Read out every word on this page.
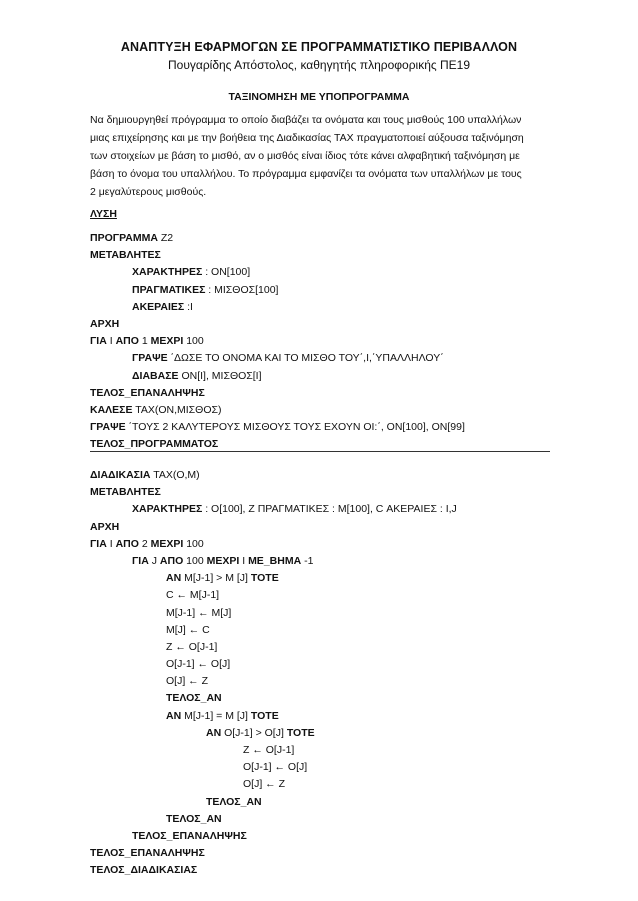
ΑΝΑΠΤΥΞΗ ΕΦΑΡΜΟΓΩΝ ΣΕ ΠΡΟΓΡΑΜΜΑΤΙΣΤΙΚΟ ΠΕΡΙΒΑΛΛΟΝ
Πουγαρίδης Απόστολος, καθηγητής πληροφορικής ΠΕ19
ΤΑΞΙΝΟΜΗΣΗ ΜΕ ΥΠΟΠΡΟΓΡΑΜΜΑ
Να δημιουργηθεί πρόγραμμα το οποίο διαβάζει τα ονόματα και τους μισθούς 100 υπαλλήλων
μιας επιχείρησης και με την βοήθεια της Διαδικασίας ΤΑΧ πραγματοποιεί αύξουσα ταξινόμηση
των στοιχείων με βάση το μισθό, αν ο μισθός είναι ίδιος τότε κάνει αλφαβητική ταξινόμηση με
βάση το όνομα του υπαλλήλου. Το πρόγραμμα εμφανίζει τα ονόματα των υπαλλήλων με τους
2 μεγαλύτερους μισθούς.
ΛΥΣΗ
ΠΡΟΓΡΑΜΜΑ Ζ2
ΜΕΤΑΒΛΗΤΕΣ
ΧΑΡΑΚΤΗΡΕΣ : ΟΝ[100]
ΠΡΑΓΜΑΤΙΚΕΣ : ΜΙΣΘΟΣ[100]
ΑΚΕΡΑΙΕΣ :Ι
ΑΡΧΗ
ΓΙΑ Ι ΑΠΟ 1 ΜΕΧΡΙ 100
ΓΡΑΨΕ ΄ΔΩΣΕ ΤΟ ΟΝΟΜΑ ΚΑΙ ΤΟ ΜΙΣΘΟ ΤΟΥ΄,Ι,΄ΥΠΑΛΛΗΛΟΥ΄
ΔΙΑΒΑΣΕ ΟΝ[Ι], ΜΙΣΘΟΣ[Ι]
ΤΕΛΟΣ_ΕΠΑΝΑΛΗΨΗΣ
ΚΑΛΕΣΕ ΤΑΧ(ΟΝ,ΜΙΣΘΟΣ)
ΓΡΑΨΕ ΄ΤΟΥΣ 2 ΚΑΛΥΤΕΡΟΥΣ ΜΙΣΘΟΥΣ ΤΟΥΣ ΕΧΟΥΝ ΟΙ:΄, ΟΝ[100], ΟΝ[99]
ΤΕΛΟΣ_ΠΡΟΓΡΑΜΜΑΤΟΣ
ΔΙΑΔΙΚΑΣΙΑ ΤΑΧ(Ο,Μ)
ΜΕΤΑΒΛΗΤΕΣ
ΧΑΡΑΚΤΗΡΕΣ : Ο[100], Ζ ΠΡΑΓΜΑΤΙΚΕΣ : Μ[100], C ΑΚΕΡΑΙΕΣ : Ι,J
ΑΡΧΗ
ΓΙΑ Ι ΑΠΟ 2 ΜΕΧΡΙ 100
ΓΙΑ J ΑΠΟ 100 ΜΕΧΡΙ Ι ΜΕ_ΒΗΜΑ -1
ΑΝ Μ[J-1] > Μ [J] ΤΟΤΕ
C ← Μ[J-1]
Μ[J-1] ← Μ[J]
Μ[J] ← C
Ζ ← Ο[J-1]
Ο[J-1] ← Ο[J]
Ο[J] ← Ζ
ΤΕΛΟΣ_ΑΝ
ΑΝ Μ[J-1] = Μ [J] ΤΟΤΕ
ΑΝ Ο[J-1] > Ο[J] ΤΟΤΕ
Ζ ← Ο[J-1]
Ο[J-1] ← Ο[J]
Ο[J] ← Ζ
ΤΕΛΟΣ_ΑΝ
ΤΕΛΟΣ_ΑΝ
ΤΕΛΟΣ_ΕΠΑΝΑΛΗΨΗΣ
ΤΕΛΟΣ_ΕΠΑΝΑΛΗΨΗΣ
ΤΕΛΟΣ_ΔΙΑΔΙΚΑΣΙΑΣ
